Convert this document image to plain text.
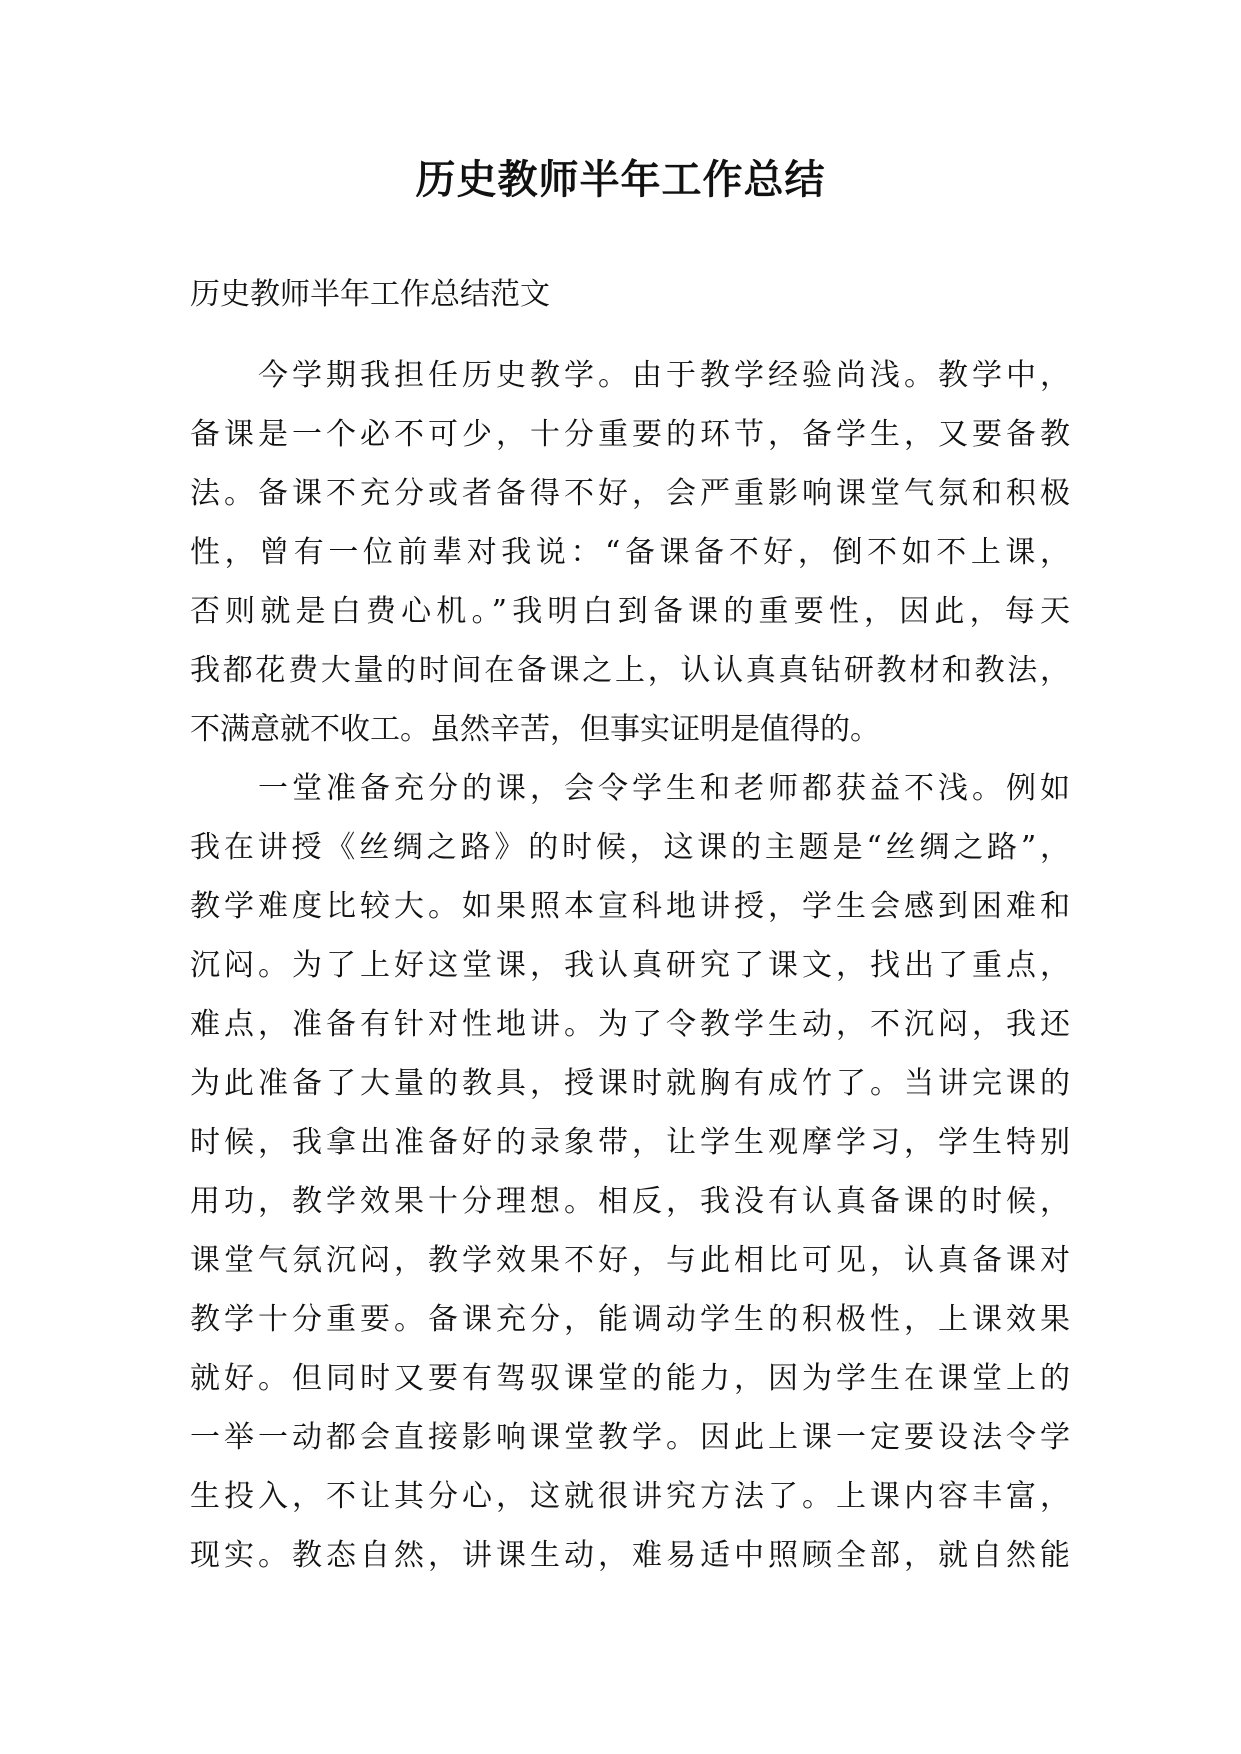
历史教师半年工作总结

历史教师半年工作总结范文

今学期我担任历史教学。由于教学经验尚浅。教学中，
备课是一个必不可少，十分重要的环节，备学生，又要备教
法。备课不充分或者备得不好，会严重影响课堂气氛和积极
性，曾有一位前辈对我说：“备课备不好，倒不如不上课，
否则就是白费心机。”我明白到备课的重要性，因此，每天
我都花费大量的时间在备课之上，认认真真钻研教材和教法，
不满意就不收工。虽然辛苦，但事实证明是值得的。
一堂准备充分的课，会令学生和老师都获益不浅。例如
我在讲授《丝绸之路》的时候，这课的主题是“丝绸之路”，
教学难度比较大。如果照本宣科地讲授，学生会感到困难和
沉闷。为了上好这堂课，我认真研究了课文，找出了重点，
难点，准备有针对性地讲。为了令教学生动，不沉闷，我还
为此准备了大量的教具，授课时就胸有成竹了。当讲完课的
时候，我拿出准备好的录象带，让学生观摩学习，学生特别
用功，教学效果十分理想。相反，我没有认真备课的时候，
课堂气氛沉闷，教学效果不好，与此相比可见，认真备课对
教学十分重要。备课充分，能调动学生的积极性，上课效果
就好。但同时又要有驾驭课堂的能力，因为学生在课堂上的
一举一动都会直接影响课堂教学。因此上课一定要设法令学
生投入，不让其分心，这就很讲究方法了。上课内容丰富，
现实。教态自然，讲课生动，难易适中照顾全部，就自然能
